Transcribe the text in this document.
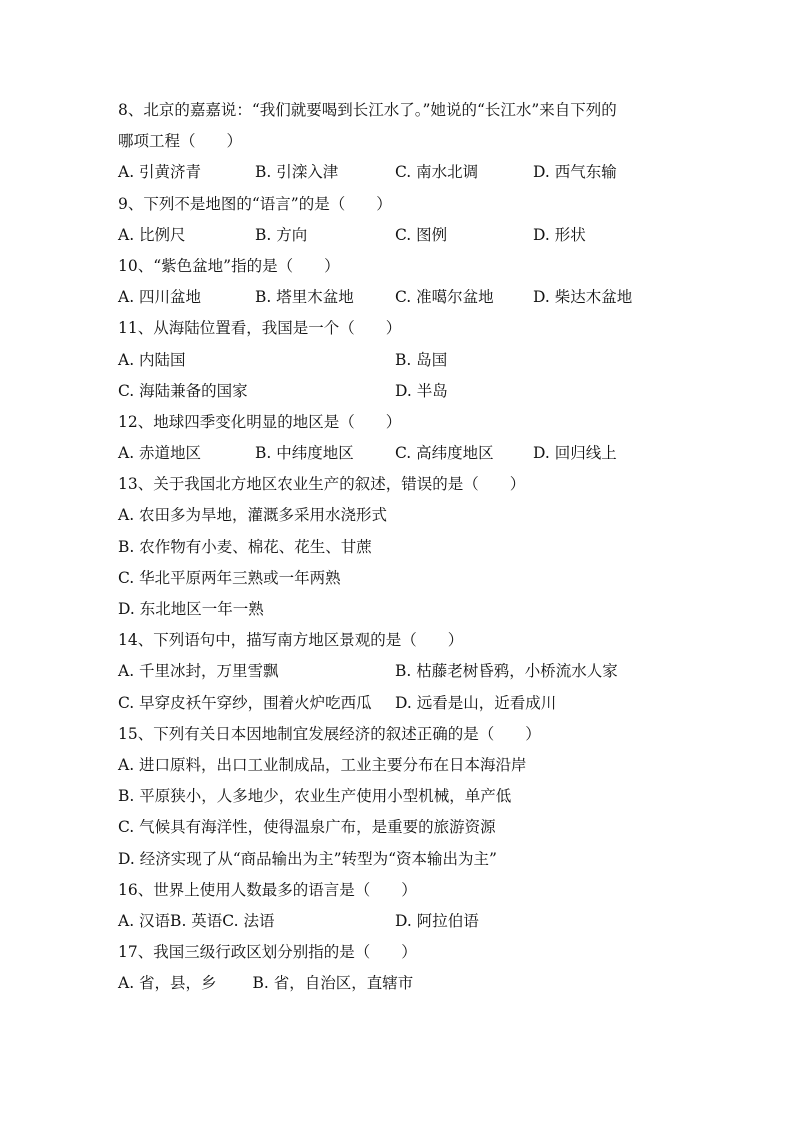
8、北京的嘉嘉说：“我们就要喝到长江水了。”她说的“长江水”来自下列的
哪项工程（　　）
A. 引黄济青	B. 引滦入津	C. 南水北调	D. 西气东输
9、下列不是地图的“语言”的是（　　）
A. 比例尺	B. 方向	C. 图例	D. 形状
10、“紫色盆地”指的是（　　）
A. 四川盆地	B. 塔里木盆地	C. 准噶尔盆地	D. 柴达木盆地
11、从海陆位置看，我国是一个（　　）
A. 内陆国	B. 岛国
C. 海陆兼备的国家	D. 半岛
12、地球四季变化明显的地区是（　　）
A. 赤道地区	B. 中纬度地区	C. 高纬度地区	D. 回归线上
13、关于我国北方地区农业生产的叙述，错误的是（　　）
A. 农田多为旱地，灌溉多采用水浇形式
B. 农作物有小麦、棉花、花生、甘蔗
C. 华北平原两年三熟或一年两熟
D. 东北地区一年一熟
14、下列语句中，描写南方地区景观的是（　　）
A. 千里冰封，万里雪飘	B. 枯藤老树昏鸦，小桥流水人家
C. 早穿皮袄午穿纱，围着火炉吃西瓜 D. 远看是山，近看成川
15、下列有关日本因地制宜发展经济的叙述正确的是（　　）
A. 进口原料，出口工业制成品，工业主要分布在日本海沿岸
B. 平原狭小，人多地少，农业生产使用小型机械，单产低
C. 气候具有海洋性，使得温泉广布，是重要的旅游资源
D. 经济实现了从“商品输出为主”转型为“资本输出为主”
16、世界上使用人数最多的语言是（　　）
A. 汉语B. 英语C. 法语	D. 阿拉伯语
17、我国三级行政区划分别指的是（　　）
A. 省，县，乡　　 B. 省，自治区，直辖市
